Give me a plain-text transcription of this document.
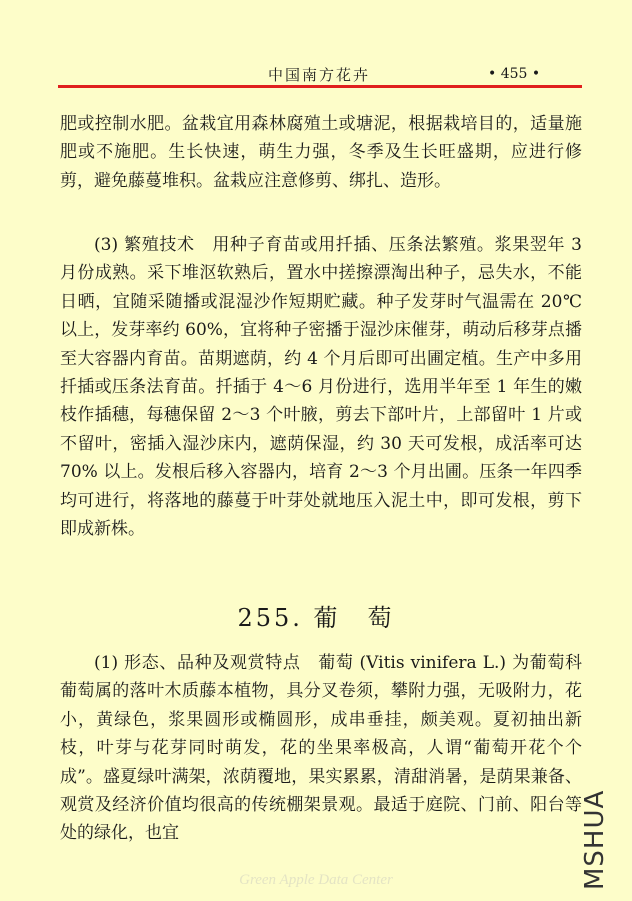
中国南方花卉	• 455 •
肥或控制水肥。盆栽宜用森林腐殖土或塘泥，根据栽培目的，适量施肥或不施肥。生长快速，萌生力强，冬季及生长旺盛期，应进行修剪，避免藤蔓堆积。盆栽应注意修剪、绑扎、造形。
(3) 繁殖技术　用种子育苗或用扦插、压条法繁殖。浆果翌年 3 月份成熟。采下堆沤软熟后，置水中搓擦漂淘出种子，忌失水，不能日晒，宜随采随播或混湿沙作短期贮藏。种子发芽时气温需在 20℃ 以上，发芽率约 60%，宜将种子密播于湿沙床催芽，萌动后移芽点播至大容器内育苗。苗期遮荫，约 4 个月后即可出圃定植。生产中多用扦插或压条法育苗。扦插于 4～6 月份进行，选用半年至 1 年生的嫩枝作插穗，每穗保留 2～3 个叶腋，剪去下部叶片，上部留叶 1 片或不留叶，密插入湿沙床内，遮荫保湿，约 30 天可发根，成活率可达 70% 以上。发根后移入容器内，培育 2～3 个月出圃。压条一年四季均可进行，将落地的藤蔓于叶芽处就地压入泥土中，即可发根，剪下即成新株。
255. 葡　萄
(1) 形态、品种及观赏特点　葡萄 (Vitis vinifera L.) 为葡萄科葡萄属的落叶木质藤本植物，具分叉卷须，攀附力强，无吸附力，花小，黄绿色，浆果圆形或椭圆形，成串垂挂，颇美观。夏初抽出新枝，叶芽与花芽同时萌发，花的坐果率极高，人谓“葡萄开花个个成”。盛夏绿叶满架，浓荫覆地，果实累累，清甜消暑，是荫果兼备、观赏及经济价值均很高的传统棚架景观。最适于庭院、门前、阳台等处的绿化，也宜	MSHUA
Green Apple Data Center
